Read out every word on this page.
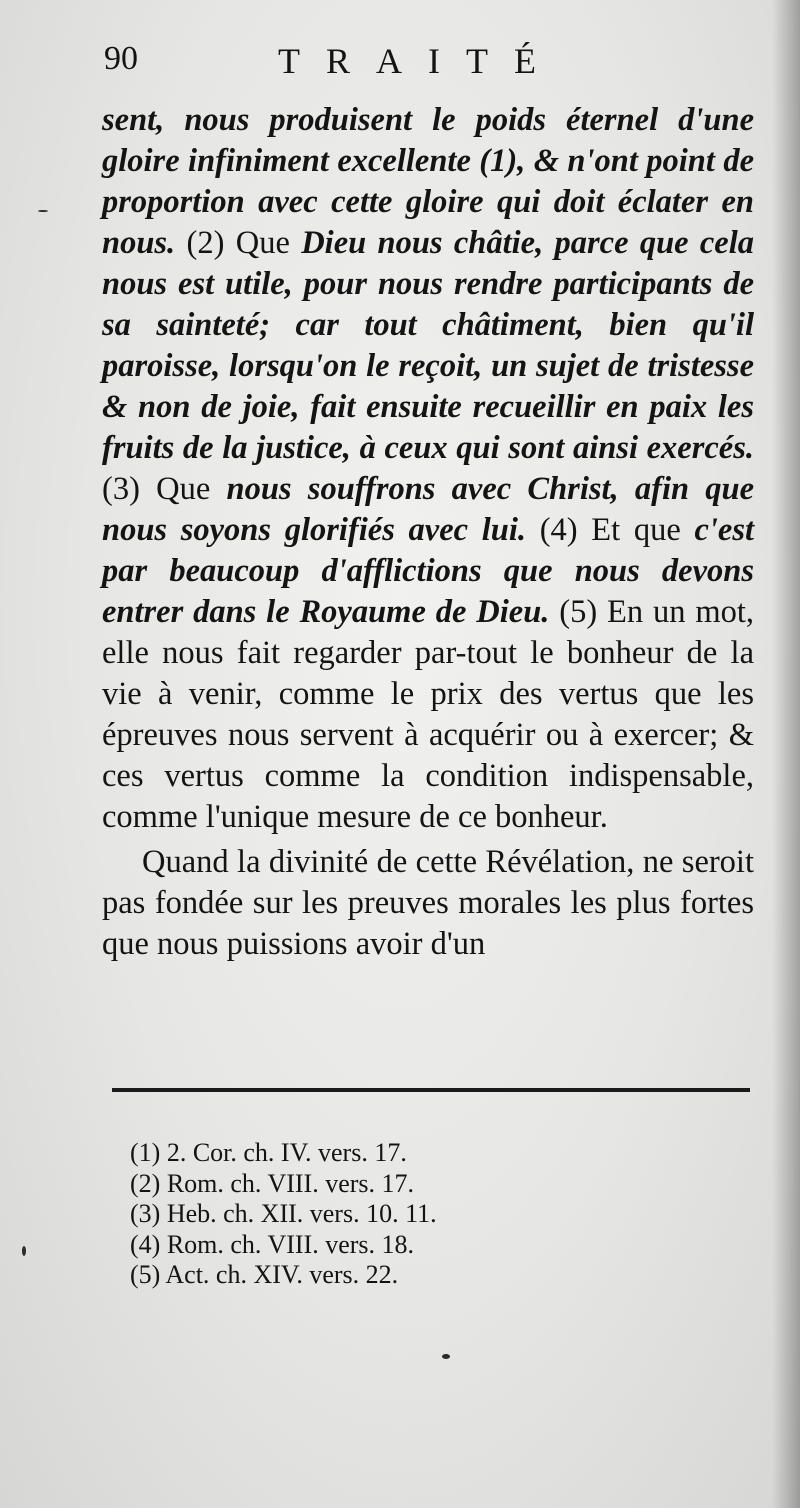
90	TRAITÉ

sent, nous produisent le poids éternel d'une gloire infiniment excellente (1), & n'ont point de proportion avec cette gloire qui doit éclater en nous. (2) Que Dieu nous châtie, parce que cela nous est utile, pour nous rendre participants de sa sainteté; car tout châtiment, bien qu'il paroisse, lorsqu'on le reçoit, un sujet de tristesse & non de joie, fait ensuite recueillir en paix les fruits de la justice, à ceux qui sont ainsi exercés. (3) Que nous souffrons avec Christ, afin que nous soyons glorifiés avec lui. (4) Et que c'est par beaucoup d'afflictions que nous devons entrer dans le Royaume de Dieu. (5) En un mot, elle nous fait regarder par-tout le bonheur de la vie à venir, comme le prix des vertus que les épreuves nous servent à acquérir ou à exercer; & ces vertus comme la condition indispensable, comme l'unique mesure de ce bonheur.

Quand la divinité de cette Révélation, ne seroit pas fondée sur les preuves morales les plus fortes que nous puissions avoir d'un

(1) 2. Cor. ch. IV. vers. 17.
(2) Rom. ch. VIII. vers. 17.
(3) Heb. ch. XII. vers. 10. 11.
(4) Rom. ch. VIII. vers. 18.
(5) Act. ch. XIV. vers. 22.
